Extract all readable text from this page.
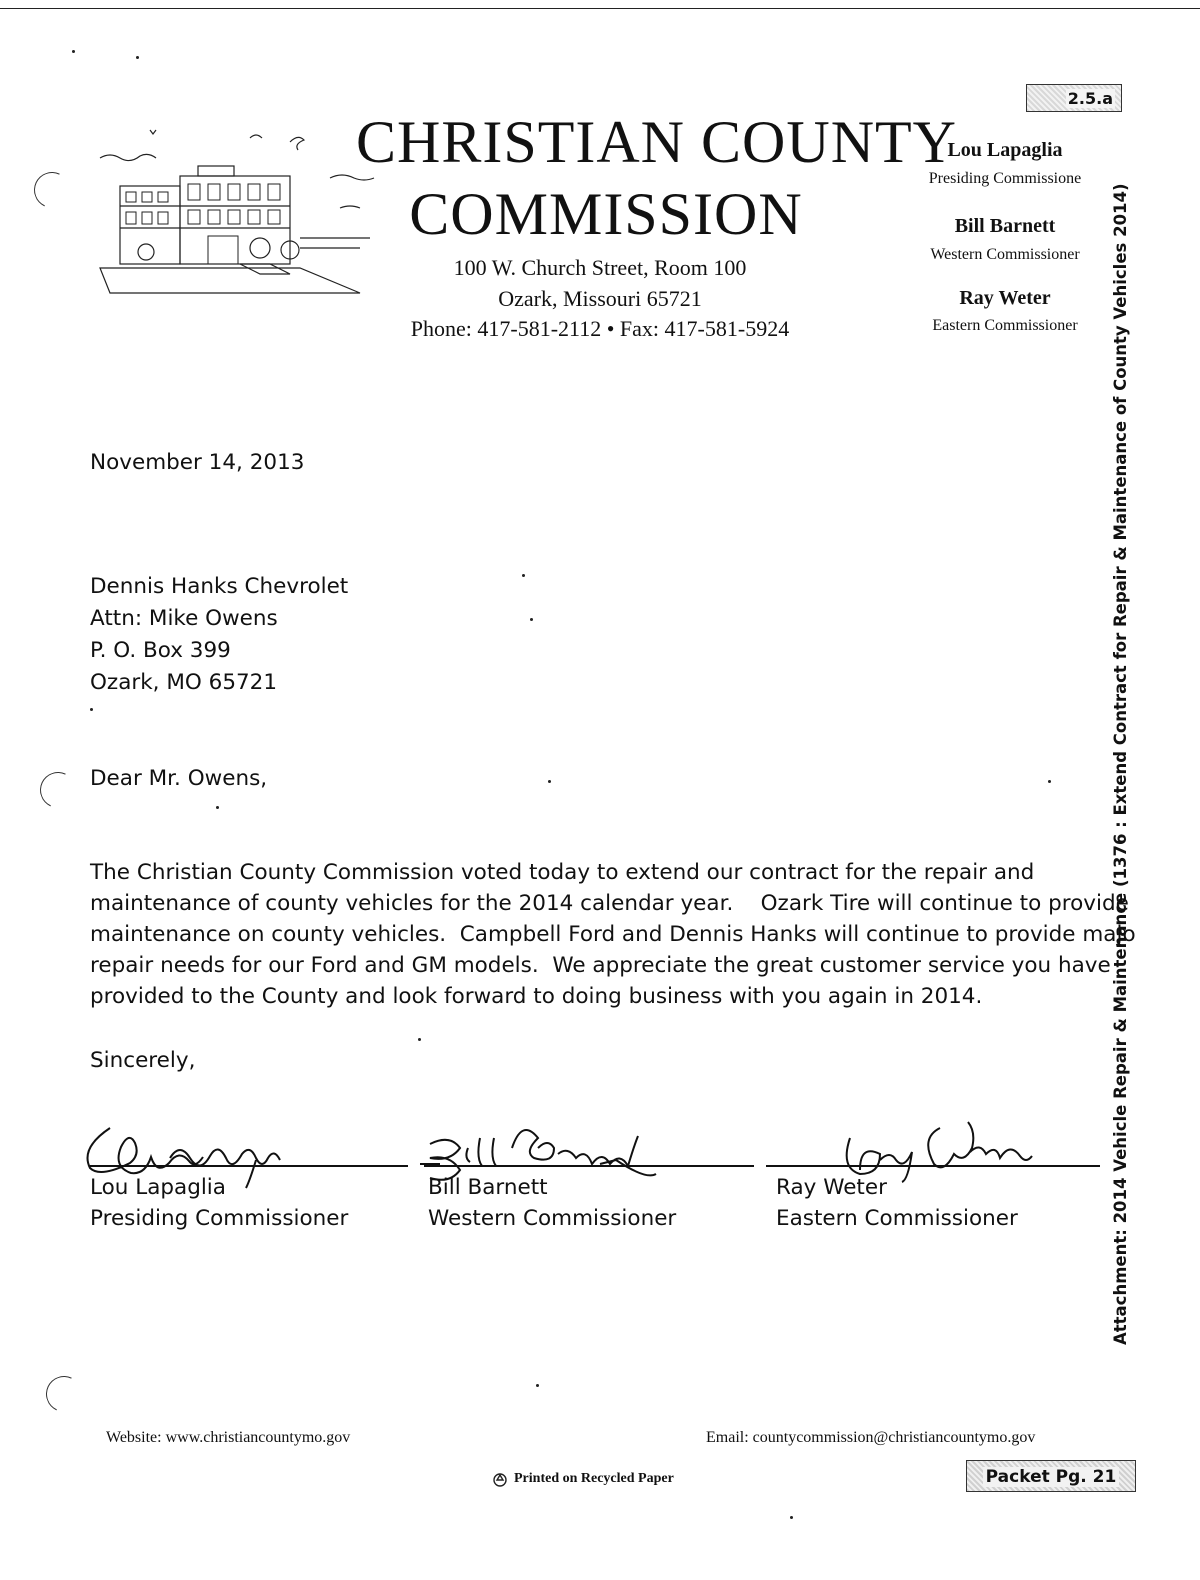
2.5.a
CHRISTIAN COUNTY
COMMISSION
100 W. Church Street, Room 100
Ozark, Missouri 65721
Phone: 417-581-2112 • Fax: 417-581-5924
Lou Lapaglia
Presiding Commissione
Bill Barnett
Western Commissioner
Ray Weter
Eastern Commissioner	Attachment: 2014 Vehicle Repair & Maintenance (1376 : Extend Contract for Repair & Maintenance of County Vehicles 2014)
November 14, 2013
Dennis Hanks Chevrolet
Attn: Mike Owens
P. O. Box 399
Ozark, MO 65721
Dear Mr. Owens,
The Christian County Commission voted today to extend our contract for the repair and
maintenance of county vehicles for the 2014 calendar year.    Ozark Tire will continue to provide
maintenance on county vehicles.  Campbell Ford and Dennis Hanks will continue to provide majo
repair needs for our Ford and GM models.  We appreciate the great customer service you have
provided to the County and look forward to doing business with you again in 2014.
Sincerely,
Lou Lapaglia
Presiding Commissioner
Bill Barnett
Western Commissioner
Ray Weter
Eastern Commissioner
Website: www.christiancountymo.gov	Email: countycommission@christiancountymo.gov
Printed on Recycled Paper	Packet Pg. 21
